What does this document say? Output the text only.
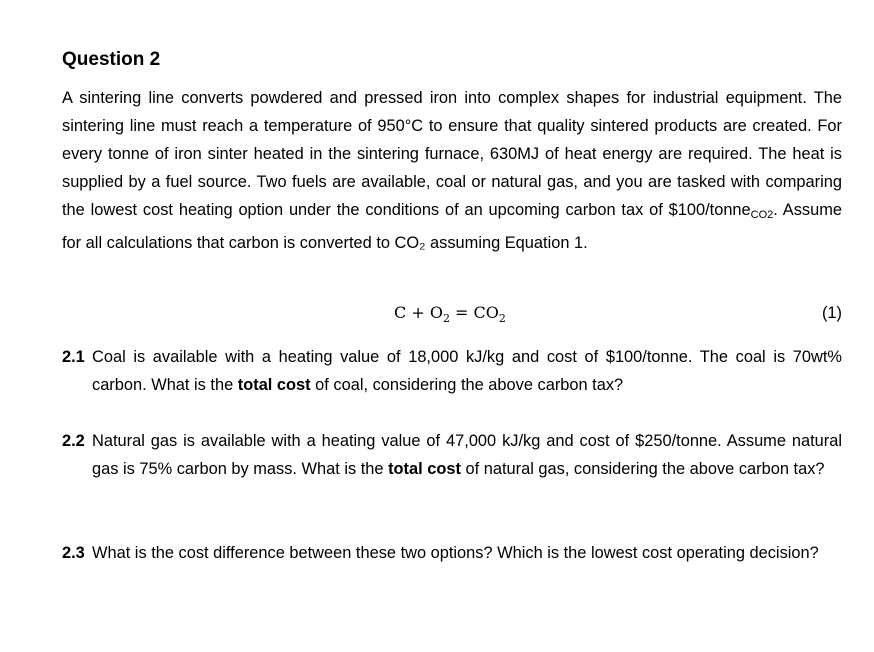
Question 2

A sintering line converts powdered and pressed iron into complex shapes for industrial equipment. The sintering line must reach a temperature of 950°C to ensure that quality sintered products are created. For every tonne of iron sinter heated in the sintering furnace, 630MJ of heat energy are required. The heat is supplied by a fuel source. Two fuels are available, coal or natural gas, and you are tasked with comparing the lowest cost heating option under the conditions of an upcoming carbon tax of $100/tonne$_{CO2}$. Assume for all calculations that carbon is converted to CO₂ assuming Equation 1.

$C + O_2 = CO_2$	(1)
2.1 Coal is available with a heating value of 18,000 kJ/kg and cost of $100/tonne. The coal is 70wt% carbon. What is the total cost of coal, considering the above carbon tax?
2.2 Natural gas is available with a heating value of 47,000 kJ/kg and cost of $250/tonne. Assume natural gas is 75% carbon by mass. What is the total cost of natural gas, considering the above carbon tax?
2.3 What is the cost difference between these two options? Which is the lowest cost operating decision?
